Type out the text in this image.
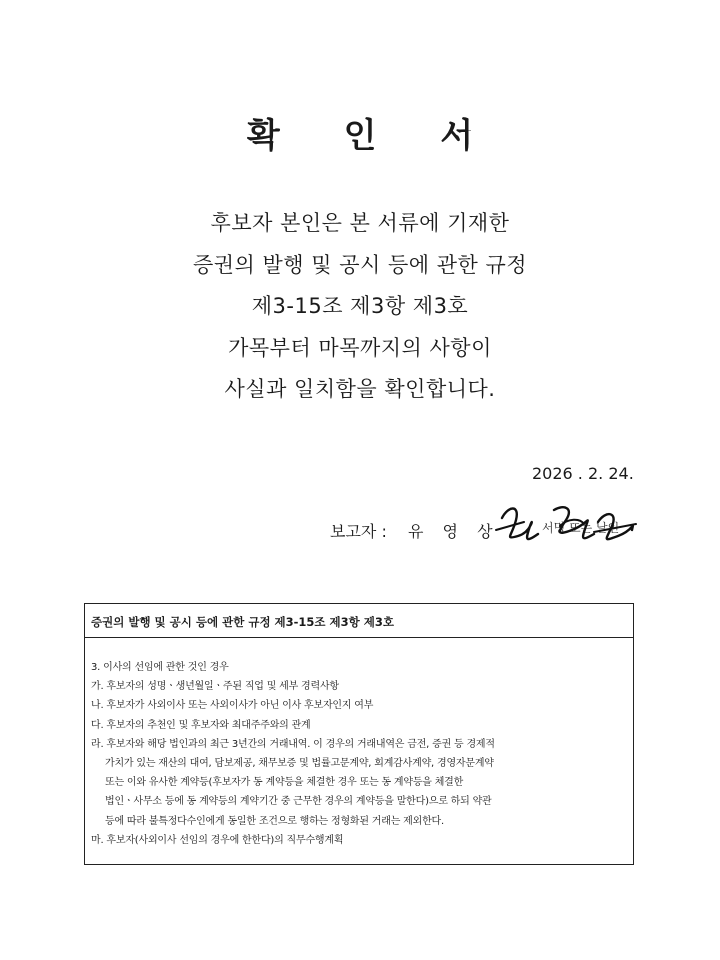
확 인 서
후보자 본인은 본 서류에 기재한
증권의 발행 및 공시 등에 관한 규정
제3-15조 제3항 제3호
가목부터 마목까지의 사항이
사실과 일치함을 확인합니다.
2026 . 2. 24.
보고자 : 유 영 상	서명 또는 날인
증권의 발행 및 공시 등에 관한 규정 제3-15조 제3항 제3호
3. 이사의 선임에 관한 것인 경우
가. 후보자의 성명ㆍ생년월일ㆍ주된 직업 및 세부 경력사항
나. 후보자가 사외이사 또는 사외이사가 아닌 이사 후보자인지 여부
다. 후보자의 추천인 및 후보자와 최대주주와의 관계
라. 후보자와 해당 법인과의 최근 3년간의 거래내역. 이 경우의 거래내역은 금전, 증권 등 경제적
가치가 있는 재산의 대여, 담보제공, 채무보증 및 법률고문계약, 회계감사계약, 경영자문계약
또는 이와 유사한 계약등(후보자가 동 계약등을 체결한 경우 또는 동 계약등을 체결한
법인ㆍ사무소 등에 동 계약등의 계약기간 중 근무한 경우의 계약등을 말한다)으로 하되 약관
등에 따라 불특정다수인에게 동일한 조건으로 행하는 정형화된 거래는 제외한다.
마. 후보자(사외이사 선임의 경우에 한한다)의 직무수행계획
